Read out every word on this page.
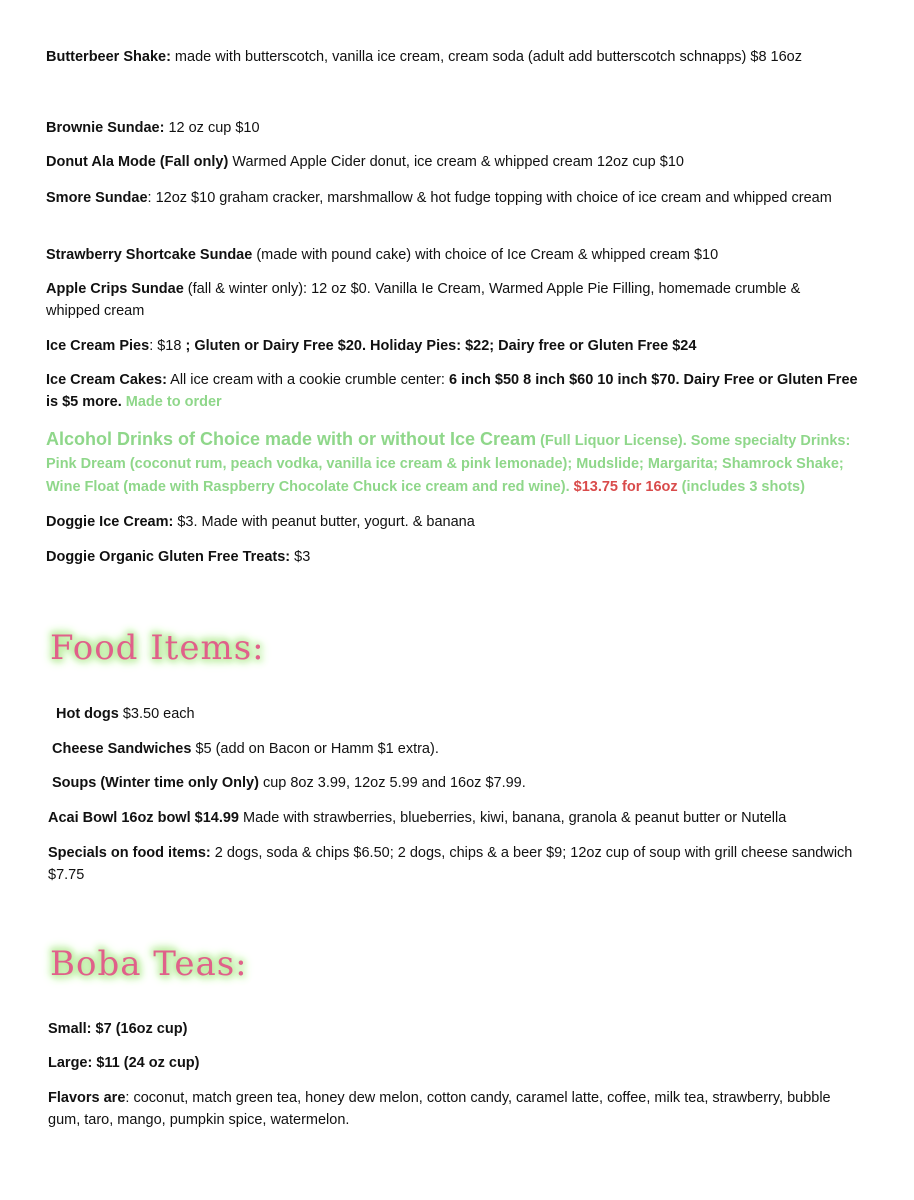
Butterbeer Shake: made with butterscotch, vanilla ice cream, cream soda (adult add butterscotch schnapps) $8 16oz

Brownie Sundae: 12 oz cup $10

Donut Ala Mode (Fall only) Warmed Apple Cider donut, ice cream & whipped cream 12oz cup $10

Smore Sundae: 12oz $10 graham cracker, marshmallow & hot fudge topping with choice of ice cream and whipped cream

Strawberry Shortcake Sundae (made with pound cake) with choice of Ice Cream & whipped cream $10

Apple Crips Sundae (fall & winter only): 12 oz $0. Vanilla Ie Cream, Warmed Apple Pie Filling, homemade crumble & whipped cream

Ice Cream Pies: $18 ; Gluten or Dairy Free $20. Holiday Pies: $22; Dairy free or Gluten Free $24

Ice Cream Cakes: All ice cream with a cookie crumble center: 6 inch $50 8 inch $60 10 inch $70. Dairy Free or Gluten Free is $5 more. Made to order

Alcohol Drinks of Choice made with or without Ice Cream (Full Liquor License). Some specialty Drinks: Pink Dream (coconut rum, peach vodka, vanilla ice cream & pink lemonade); Mudslide; Margarita; Shamrock Shake; Wine Float (made with Raspberry Chocolate Chuck ice cream and red wine). $13.75 for 16oz (includes 3 shots)

Doggie Ice Cream: $3. Made with peanut butter, yogurt. & banana

Doggie Organic Gluten Free Treats: $3

Food Items:

Hot dogs $3.50 each

Cheese Sandwiches $5 (add on Bacon or Hamm $1 extra).

Soups (Winter time only Only) cup 8oz 3.99, 12oz 5.99 and 16oz $7.99.

Acai Bowl 16oz bowl $14.99 Made with strawberries, blueberries, kiwi, banana, granola & peanut butter or Nutella

Specials on food items: 2 dogs, soda & chips $6.50; 2 dogs, chips & a beer $9; 12oz cup of soup with grill cheese sandwich $7.75

Boba Teas:

Small: $7 (16oz cup)

Large: $11 (24 oz cup)

Flavors are: coconut, match green tea, honey dew melon, cotton candy, caramel latte, coffee, milk tea, strawberry, bubble gum, taro, mango, pumpkin spice, watermelon.
